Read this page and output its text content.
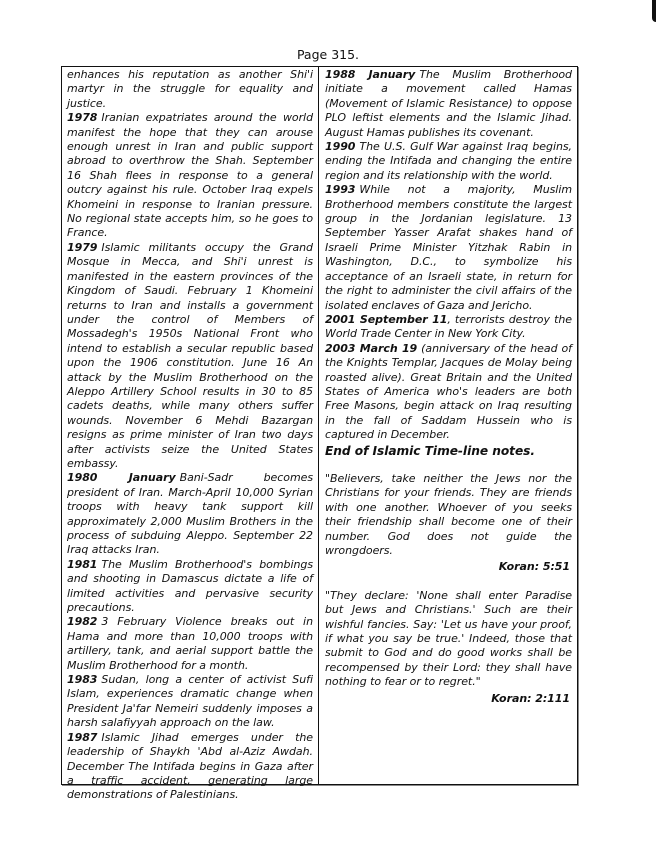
Page 315.

enhances his reputation as another Shi'i martyr in the struggle for equality and justice.

1978 Iranian expatriates around the world manifest the hope that they can arouse enough unrest in Iran and public support abroad to overthrow the Shah. September 16 Shah flees in response to a general outcry against his rule. October Iraq expels Khomeini in response to Iranian pressure. No regional state accepts him, so he goes to France.

1979 Islamic militants occupy the Grand Mosque in Mecca, and Shi'i unrest is manifested in the eastern provinces of the Kingdom of Saudi. February 1 Khomeini returns to Iran and installs a government under the control of Members of Mossadegh's 1950s National Front who intend to establish a secular republic based upon the 1906 constitution. June 16 An attack by the Muslim Brotherhood on the Aleppo Artillery School results in 30 to 85 cadets deaths, while many others suffer wounds. November 6 Mehdi Bazargan resigns as prime minister of Iran two days after activists seize the United States embassy.

1980 January Bani-Sadr becomes president of Iran. March-April 10,000 Syrian troops with heavy tank support kill approximately 2,000 Muslim Brothers in the process of subduing Aleppo. September 22 Iraq attacks Iran.

1981 The Muslim Brotherhood's bombings and shooting in Damascus dictate a life of limited activities and pervasive security precautions.

1982 3 February Violence breaks out in Hama and more than 10,000 troops with artillery, tank, and aerial support battle the Muslim Brotherhood for a month.

1983 Sudan, long a center of activist Sufi Islam, experiences dramatic change when President Ja'far Nemeiri suddenly imposes a harsh salafiyyah approach on the law.

1987 Islamic Jihad emerges under the leadership of Shaykh 'Abd al-Aziz Awdah. December The Intifada begins in Gaza after a traffic accident, generating large demonstrations of Palestinians.

1988 January The Muslim Brotherhood initiate a movement called Hamas (Movement of Islamic Resistance) to oppose PLO leftist elements and the Islamic Jihad. August Hamas publishes its covenant.

1990 The U.S. Gulf War against Iraq begins, ending the Intifada and changing the entire region and its relationship with the world.

1993 While not a majority, Muslim Brotherhood members constitute the largest group in the Jordanian legislature. 13 September Yasser Arafat shakes hand of Israeli Prime Minister Yitzhak Rabin in Washington, D.C., to symbolize his acceptance of an Israeli state, in return for the right to administer the civil affairs of the isolated enclaves of Gaza and Jericho.

2001 September 11, terrorists destroy the World Trade Center in New York City.

2003 March 19 (anniversary of the head of the Knights Templar, Jacques de Molay being roasted alive). Great Britain and the United States of America who's leaders are both Free Masons, begin attack on Iraq resulting in the fall of Saddam Hussein who is captured in December.

End of Islamic Time-line notes.
"Believers, take neither the Jews nor the Christians for your friends. They are friends with one another. Whoever of you seeks their friendship shall become one of their number. God does not guide the wrongdoers.
Koran: 5:51
"They declare: 'None shall enter Paradise but Jews and Christians.' Such are their wishful fancies. Say: 'Let us have your proof, if what you say be true.' Indeed, those that submit to God and do good works shall be recompensed by their Lord: they shall have nothing to fear or to regret."
Koran: 2:111
